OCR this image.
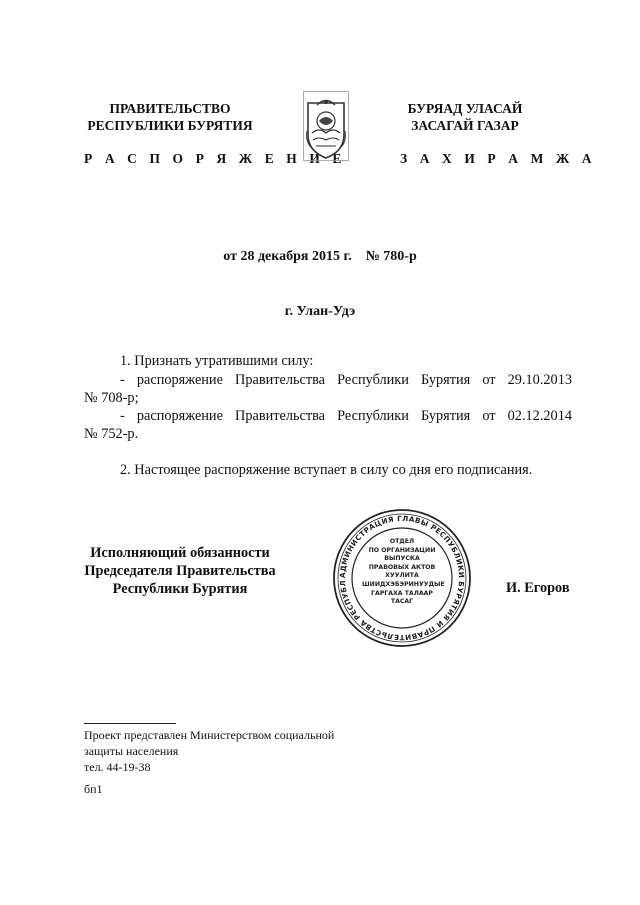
ПРАВИТЕЛЬСТВО
РЕСПУБЛИКИ БУРЯТИЯ
Р А С П О Р Я Ж Е Н И Е
БУРЯАД УЛАСАЙ
ЗАСАГАЙ ГАЗАР
З А Х И Р А М Ж А
от 28 декабря 2015 г.    № 780-р
г. Улан-Удэ
1. Признать утратившими силу:
- распоряжение Правительства Республики Бурятия от 29.10.2013
№ 708-р;
- распоряжение Правительства Республики Бурятия от 02.12.2014
№ 752-р.
2. Настоящее распоряжение вступает в силу со дня его подписания.
Исполняющий обязанности
Председателя Правительства
Республики Бурятия	И. Егоров
АДМИНИСТРАЦИЯ ГЛАВЫ РЕСПУБЛИКИ БУРЯТИЯ И ПРАВИТЕЛЬСТВА РЕСПУБЛ
ОТДЕЛ
ПО ОРГАНИЗАЦИИ
ВЫПУСКА
ПРАВОВЫХ АКТОВ
ХУУЛИТА
ШИИДХЭБЭРИНУУДЫЕ
ГАРГАХА ТАЛААР
ТАСАГ
Проект представлен Министерством социальной
защиты населения
тел. 44-19-38
бп1
